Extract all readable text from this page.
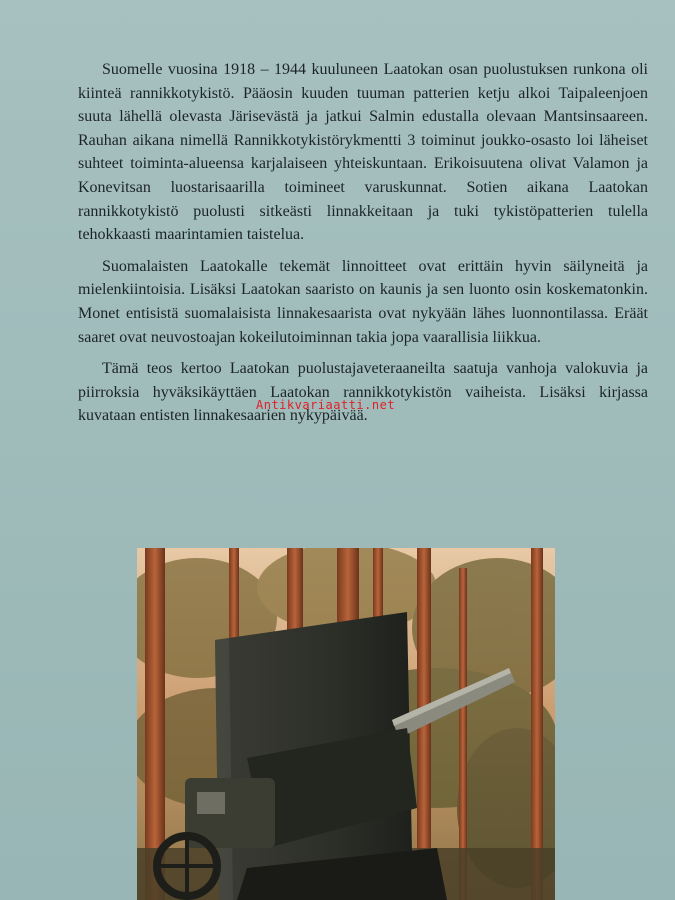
Suomelle vuosina 1918 – 1944 kuuluneen Laatokan osan puolustuksen runkona oli kiinteä rannikkotykistö. Pääosin kuuden tuuman patterien ketju alkoi Taipaleenjoen suuta lähellä olevasta Järisevästä ja jatkui Salmin edustalla olevaan Mantsinsaareen. Rauhan aikana nimellä Rannikkotykistörykmentti 3 toiminut joukko-osasto loi läheiset suhteet toiminta-alueensa karjalaiseen yhteiskuntaan. Erikoisuutena olivat Valamon ja Konevitsan luostarisaarilla toimineet varuskunnat. Sotien aikana Laatokan rannikkotykistö puolusti sitkeästi linnakkeitaan ja tuki tykistöpatterien tulella tehokkaasti maarintamien taistelua.

Suomalaisten Laatokalle tekemät linnoitteet ovat erittäin hyvin säilyneitä ja mielenkiintoisia. Lisäksi Laatokan saaristo on kaunis ja sen luonto osin koskematonkin. Monet entisistä suomalaisista linnakesaarista ovat nykyään lähes luonnontilassa. Eräät saaret ovat neuvostoajan kokeilutoiminnan takia jopa vaarallisia liikkua.

Tämä teos kertoo Laatokan puolustajaveteraaneilta saatuja vanhoja valokuvia ja piirroksia hyväksikäyttäen Laatokan rannikkotykistön vaiheista. Lisäksi kirjassa kuvataan entisten linnakesaarien nykypäivää.

Antikvariaatti.net
